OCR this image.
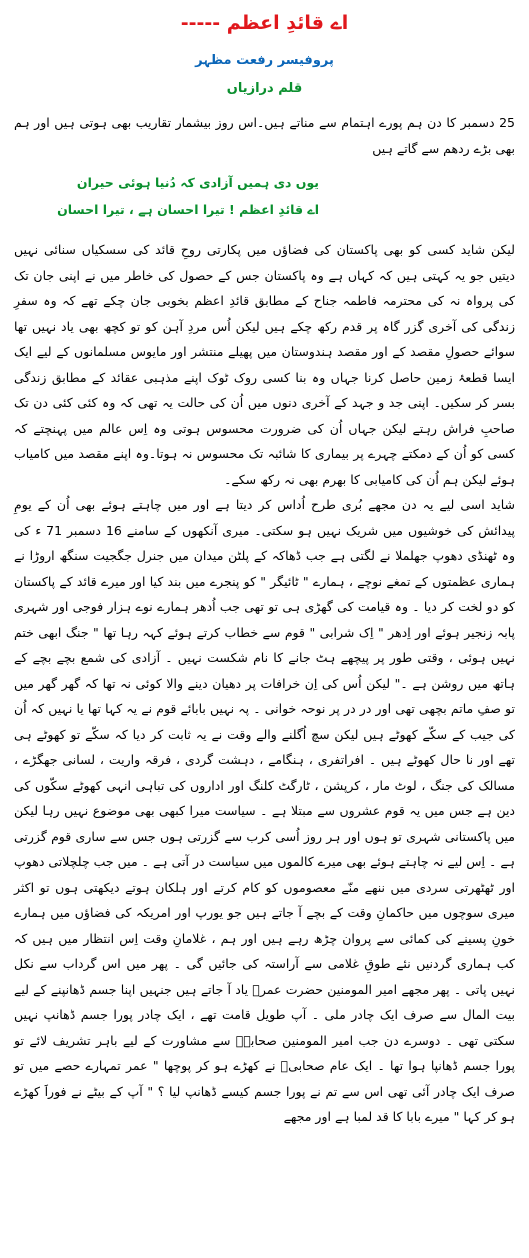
اے قائدِ اعظم -----
پروفیسر رفعت مظہر
قلم درازیاں

25 دسمبر کا دن ہم پورے اہتمام سے مناتے ہیں۔اس روز بیشمار تقاریب بھی ہوتی ہیں اور ہم بھی بڑے ردھم سے گاتے ہیں

یوں دی ہمیں آزادی کہ دُنیا ہوئی حیران
اے قائدِ اعظم ! تیرا احسان ہے ، تیرا احسان

لیکن شاید کسی کو بھی پاکستان کی فضاؤں میں پکارتی روحِ قائد کی سسکیاں سنائی نہیں دیتیں جو یہ کہتی ہیں کہ کہاں ہے وہ پاکستان جس کے حصول کی خاطر میں نے اپنی جان تک کی پرواہ نہ کی محترمہ فاطمہ جناح کے مطابق قائدِ اعظم بخوبی جان چکے تھے کہ وہ سفرِ زندگی کی آخری گزر گاہ پر قدم رکھ چکے ہیں لیکن اُس مردِ آہن کو تو کچھ بھی یاد نہیں تھا سوائے حصولِ مقصد کے اور مقصد ہندوستان میں پھیلے منتشر اور مایوس مسلمانوں کے لیے ایک ایسا قطعۂ زمین حاصل کرنا جہاں وہ بنا کسی روک ٹوک اپنے مذہبی عقائد کے مطابق زندگی بسر کر سکیں۔ اپنی جد و جہد کے آخری دنوں میں اُن کی حالت یہ تھی کہ وہ کئی کئی دن تک صاحبِ فراش رہتے لیکن جہاں اُن کی ضرورت محسوس ہوتی وہ اِس عالم میں پہنچتے کہ کسی کو اُن کے دمکتے چہرے پر بیماری کا شائبہ تک محسوس نہ ہوتا۔وہ اپنے مقصد میں کامیاب ہوئے لیکن ہم اُن کی کامیابی کا بھرم بھی نہ رکھ سکے۔

شاید اسی لیے یہ دن مجھے بُری طرح اُداس کر دیتا ہے اور میں چاہتے ہوئے بھی اُن کے یومِ پیدائش کی خوشیوں میں شریک نہیں ہو سکتی۔ میری آنکھوں کے سامنے 16 دسمبر 71 ء کی وہ ٹھنڈی دھوپ جھلملا نے لگتی ہے جب ڈھاکہ کے پلٹن میدان میں جنرل جگجیت سنگھ اروڑا نے ہماری عظمتوں کے تمغے نوچے ، ہمارے " ٹائیگر " کو پنجرے میں بند کیا اور میرے قائد کے پاکستان کو دو لخت کر دیا ۔ وہ قیامت کی گھڑی ہی تو تھی جب اُدھر ہمارے نوے ہزار فوجی اور شہری پابہ زنجیر ہوئے اور اِدھر " اِک شرابی " قوم سے خطاب کرتے ہوئے کہہ رہا تھا " جنگ ابھی ختم نہیں ہوئی ، وقتی طور پر پیچھے ہٹ جانے کا نام شکست نہیں ۔ آزادی کی شمع بچے بچے کے ہاتھ میں روشن ہے ۔" لیکن اُس کی اِن خرافات پر دھیان دینے والا کوئی نہ تھا کہ گھر گھر میں تو صفِ ماتم بچھی تھی اور در در پر نوحہ خوانی ۔ پہ نہیں بابائے قوم نے یہ کہا تھا یا نہیں کہ اُن کی جیب کے سکّے کھوٹے ہیں لیکن سچ اُگلنے والے وقت نے یہ ثابت کر دیا کہ سکّے تو کھوٹے ہی تھے اور نا حال کھوٹے ہیں ۔ افراتفری ، ہنگامے ، دہشت گردی ، فرقہ واریت ، لسانی جھگڑے ، مسالک کی جنگ ، لوٹ مار ، کرپشن ، ٹارگٹ کلنگ اور اداروں کی تباہی انہی کھوٹے سکّوں کی دین ہے جس میں یہ قوم عشروں سے مبتلا ہے ۔ سیاست میرا کبھی بھی موضوع نہیں رہا لیکن میں پاکستانی شہری تو ہوں اور ہر روز اُسی کرب سے گزرتی ہوں جس سے ساری قوم گزرتی ہے ۔ اِس لیے نہ چاہتے ہوئے بھی میرے کالموں میں سیاست در آتی ہے ۔ میں جب چلچلاتی دھوپ اور ٹھٹھرتی سردی میں ننھے منّے معصوموں کو کام کرتے اور ہلکان ہوتے دیکھتی ہوں تو اکثر میری سوچوں میں حاکمانِ وقت کے بچے آ جاتے ہیں جو یورپ اور امریکہ کی فضاؤں میں ہمارے خونِ پسینے کی کمائی سے پروان چڑھ رہے ہیں اور ہم ، غلامانِ وقت اِس انتظار میں ہیں کہ کب ہماری گردنیں نئے طوقِ غلامی سے آراستہ کی جائیں گی ۔ پھر میں اس گرداب سے نکل نہیں پاتی ۔ پھر مجھے امیر المومنین حضرت عمرؓ یاد آ جاتے ہیں جنہیں اپنا جسم ڈھانپنے کے لیے بیت المال سے صرف ایک چادر ملی ۔ آپ طویل قامت تھے ، ایک چادر پورا جسم ڈھانپ نہیں سکتی تھی ۔ دوسرے دن جب امیر المومنین صحابہؓ سے مشاورت کے لیے باہر تشریف لائے تو پورا جسم ڈھانپا ہوا تھا ۔ ایک عام صحابیؓ نے کھڑے ہو کر پوچھا " عمر تمہارے حصے میں تو صرف ایک چادر آئی تھی اس سے تم نے پورا جسم کیسے ڈھانپ لیا ؟ " آپ کے بیٹے نے فوراََ کھڑے ہو کر کہا " میرے بابا کا قد لمبا ہے اور مجھے
